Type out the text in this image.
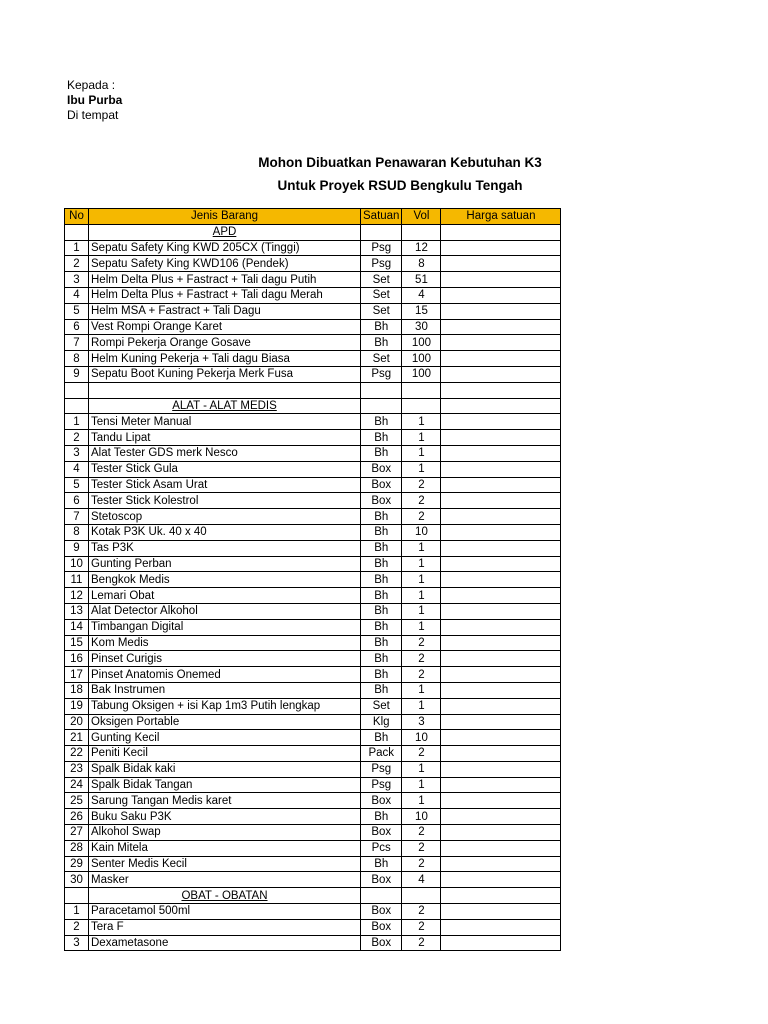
Kepada :
Ibu Purba
Di tempat
Mohon Dibuatkan Penawaran Kebutuhan K3
Untuk Proyek RSUD Bengkulu Tengah
No	Jenis Barang	Satuan	Vol	Harga satuan
	APD			
1	Sepatu Safety King KWD 205CX (Tinggi)	Psg	12	
2	Sepatu Safety King KWD106 (Pendek)	Psg	8	
3	Helm Delta Plus + Fastract + Tali dagu Putih	Set	51	
4	Helm Delta Plus + Fastract + Tali dagu Merah	Set	4	
5	Helm MSA + Fastract + Tali Dagu	Set	15	
6	Vest Rompi Orange Karet	Bh	30	
7	Rompi Pekerja Orange Gosave	Bh	100	
8	Helm Kuning Pekerja + Tali dagu Biasa	Set	100	
9	Sepatu Boot Kuning Pekerja Merk Fusa	Psg	100	

	ALAT - ALAT MEDIS			
1	Tensi Meter Manual	Bh	1	
2	Tandu Lipat	Bh	1	
3	Alat Tester GDS merk Nesco	Bh	1	
4	Tester Stick Gula	Box	1	
5	Tester Stick Asam Urat	Box	2	
6	Tester Stick Kolestrol	Box	2	
7	Stetoscop	Bh	2	
8	Kotak P3K Uk. 40 x 40	Bh	10	
9	Tas P3K	Bh	1	
10	Gunting Perban	Bh	1	
11	Bengkok Medis	Bh	1	
12	Lemari Obat	Bh	1	
13	Alat Detector Alkohol	Bh	1	
14	Timbangan Digital	Bh	1	
15	Kom Medis	Bh	2	
16	Pinset Curigis	Bh	2	
17	Pinset Anatomis Onemed	Bh	2	
18	Bak Instrumen	Bh	1	
19	Tabung Oksigen + isi Kap 1m3 Putih lengkap	Set	1	
20	Oksigen Portable	Klg	3	
21	Gunting Kecil	Bh	10	
22	Peniti Kecil	Pack	2	
23	Spalk Bidak kaki	Psg	1	
24	Spalk Bidak Tangan	Psg	1	
25	Sarung Tangan Medis karet	Box	1	
26	Buku Saku P3K	Bh	10	
27	Alkohol Swap	Box	2	
28	Kain Mitela	Pcs	2	
29	Senter Medis Kecil	Bh	2	
30	Masker	Box	4	
	OBAT - OBATAN			
1	Paracetamol 500ml	Box	2	
2	Tera F	Box	2	
3	Dexametasone	Box	2	
